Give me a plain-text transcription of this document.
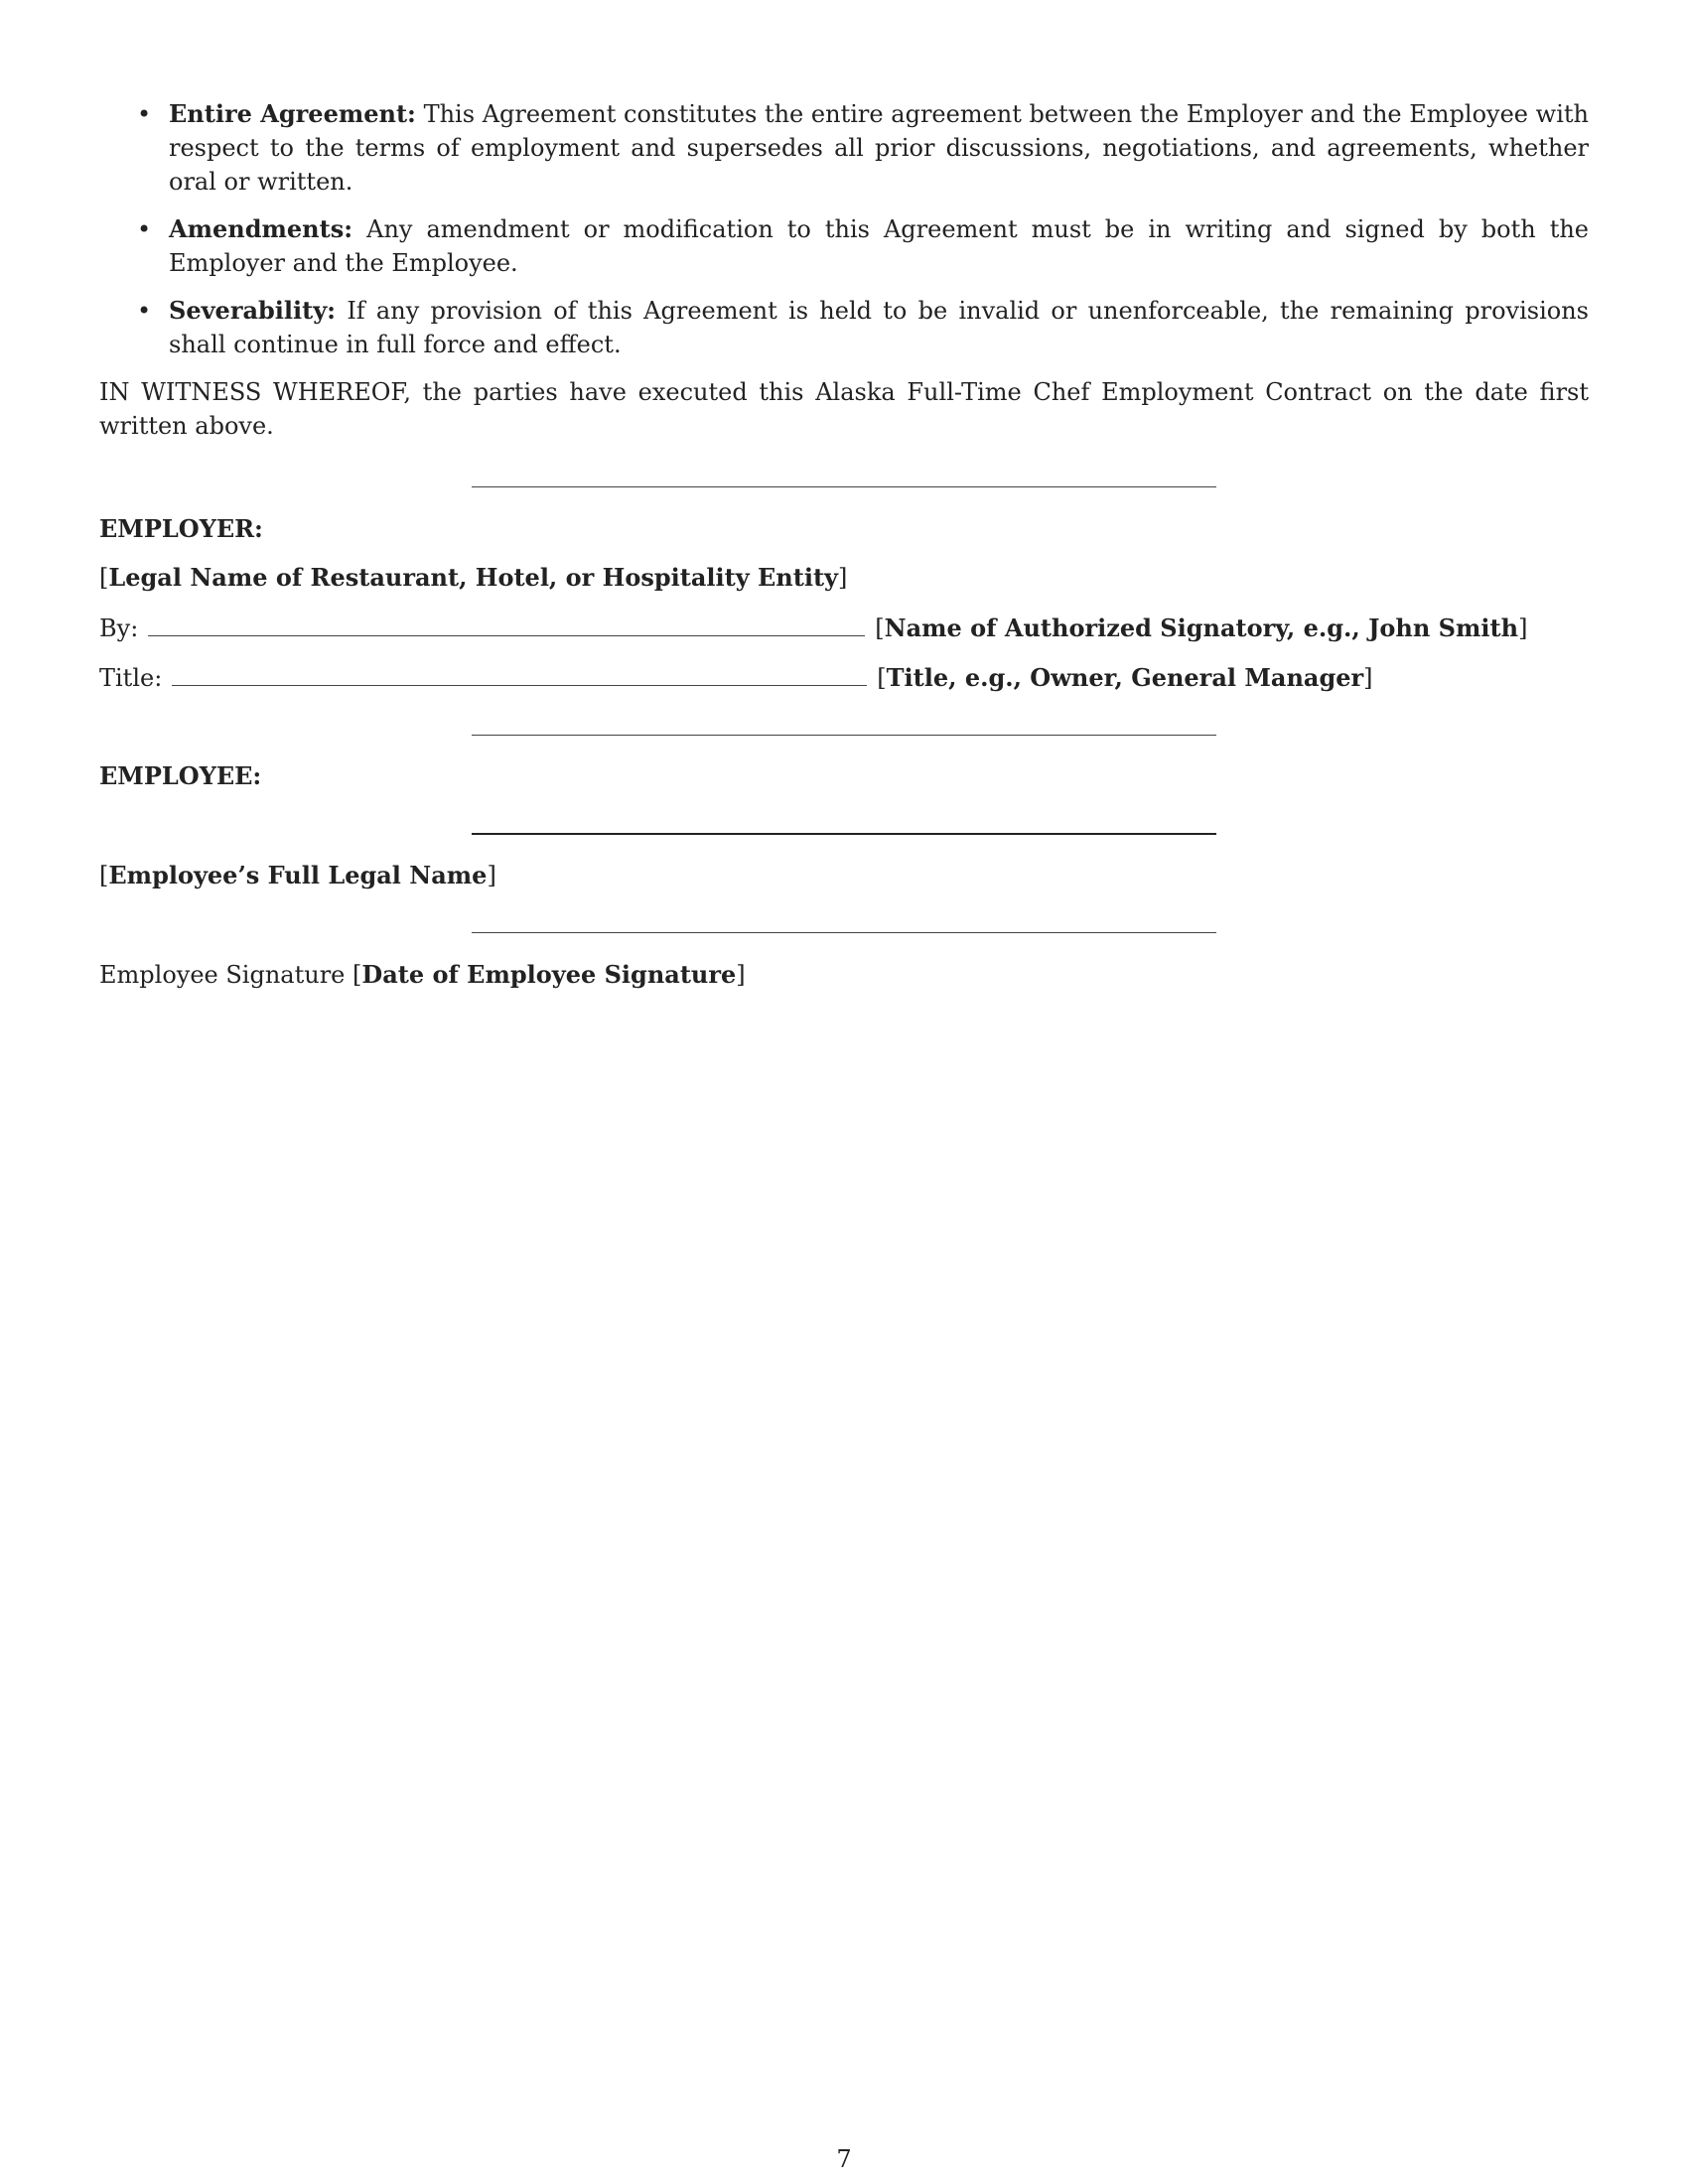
• Entire Agreement: This Agreement constitutes the entire agreement between the Employer and the Employee with respect to the terms of employment and supersedes all prior discussions, negotiations, and agreements, whether oral or written.
• Amendments: Any amendment or modification to this Agreement must be in writing and signed by both the Employer and the Employee.
• Severability: If any provision of this Agreement is held to be invalid or unenforceable, the remaining provisions shall continue in full force and effect.

IN WITNESS WHEREOF, the parties have executed this Alaska Full-Time Chef Employment Contract on the date first written above.

EMPLOYER:
[Legal Name of Restaurant, Hotel, or Hospitality Entity]
By:	[Name of Authorized Signatory, e.g., John Smith]
Title:	[Title, e.g., Owner, General Manager]
EMPLOYEE:
[Employee’s Full Legal Name]
Employee Signature [Date of Employee Signature]
7
